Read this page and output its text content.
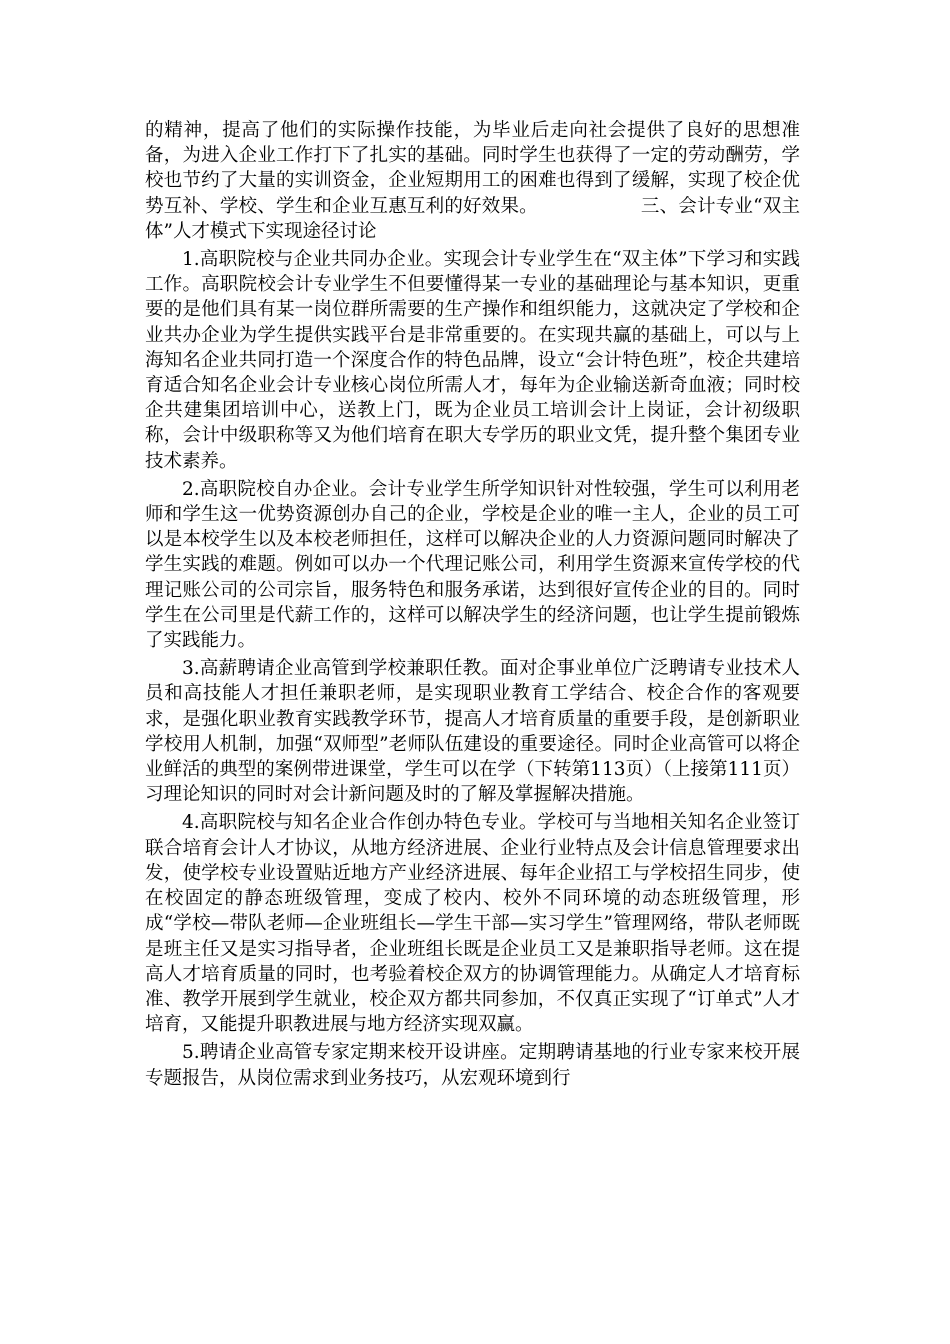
的精神，提高了他们的实际操作技能，为毕业后走向社会提供了良好的思想准备，为进入企业工作打下了扎实的基础。同时学生也获得了一定的劳动酬劳，学校也节约了大量的实训资金，企业短期用工的困难也得到了缓解，实现了校企优势互补、学校、学生和企业互惠互利的好效果。　　　　　　三、会计专业“双主体”人才模式下实现途径讨论

1.高职院校与企业共同办企业。实现会计专业学生在“双主体”下学习和实践工作。高职院校会计专业学生不但要懂得某一专业的基础理论与基本知识，更重要的是他们具有某一岗位群所需要的生产操作和组织能力，这就决定了学校和企业共办企业为学生提供实践平台是非常重要的。在实现共赢的基础上，可以与上海知名企业共同打造一个深度合作的特色品牌，设立“会计特色班”，校企共建培育适合知名企业会计专业核心岗位所需人才，每年为企业输送新奇血液；同时校企共建集团培训中心，送教上门，既为企业员工培训会计上岗证，会计初级职称，会计中级职称等又为他们培育在职大专学历的职业文凭，提升整个集团专业技术素养。

2.高职院校自办企业。会计专业学生所学知识针对性较强，学生可以利用老师和学生这一优势资源创办自己的企业，学校是企业的唯一主人，企业的员工可以是本校学生以及本校老师担任，这样可以解决企业的人力资源问题同时解决了学生实践的难题。例如可以办一个代理记账公司，利用学生资源来宣传学校的代理记账公司的公司宗旨，服务特色和服务承诺，达到很好宣传企业的目的。同时学生在公司里是代薪工作的，这样可以解决学生的经济问题，也让学生提前锻炼了实践能力。

3.高薪聘请企业高管到学校兼职任教。面对企事业单位广泛聘请专业技术人员和高技能人才担任兼职老师，是实现职业教育工学结合、校企合作的客观要求，是强化职业教育实践教学环节，提高人才培育质量的重要手段，是创新职业学校用人机制，加强“双师型”老师队伍建设的重要途径。同时企业高管可以将企业鲜活的典型的案例带进课堂，学生可以在学（下转第113页）（上接第111页）习理论知识的同时对会计新问题及时的了解及掌握解决措施。

4.高职院校与知名企业合作创办特色专业。学校可与当地相关知名企业签订联合培育会计人才协议，从地方经济进展、企业行业特点及会计信息管理要求出发，使学校专业设置贴近地方产业经济进展、每年企业招工与学校招生同步，使在校固定的静态班级管理，变成了校内、校外不同环境的动态班级管理，形成“学校—带队老师—企业班组长—学生干部—实习学生”管理网络，带队老师既是班主任又是实习指导者，企业班组长既是企业员工又是兼职指导老师。这在提高人才培育质量的同时，也考验着校企双方的协调管理能力。从确定人才培育标准、教学开展到学生就业，校企双方都共同参加，不仅真正实现了“订单式”人才培育，又能提升职教进展与地方经济实现双赢。

5.聘请企业高管专家定期来校开设讲座。定期聘请基地的行业专家来校开展专题报告，从岗位需求到业务技巧，从宏观环境到行
